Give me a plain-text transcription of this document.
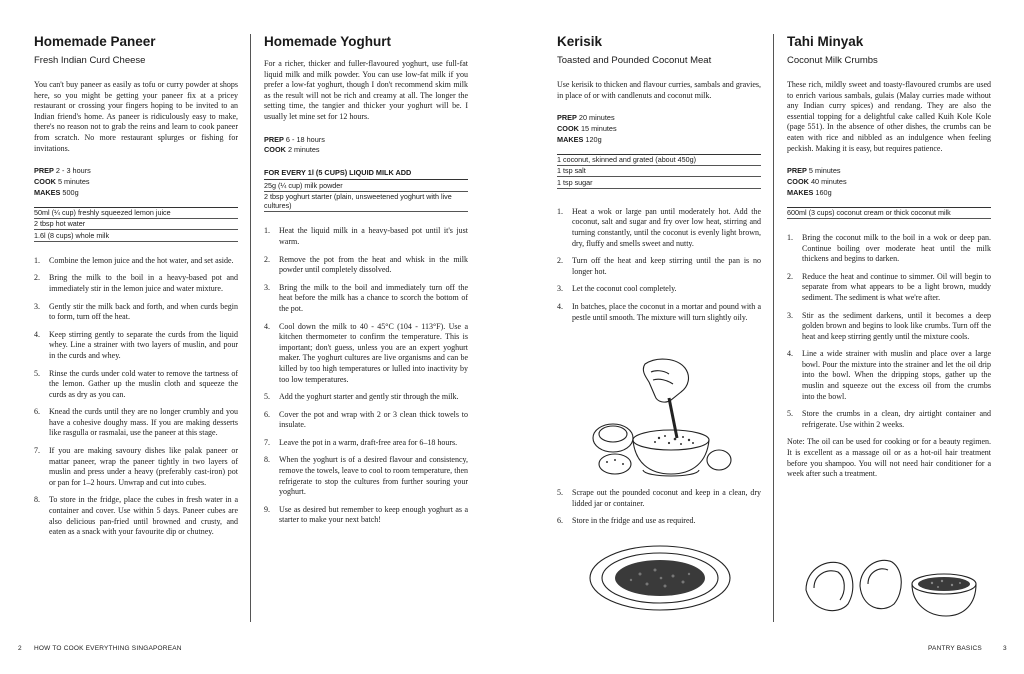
Homemade Paneer
Fresh Indian Curd Cheese

You can't buy paneer as easily as tofu or curry powder at shops here, so you might be getting your paneer fix at a pricey restaurant or crossing your fingers hoping to be invited to an Indian friend's home. As paneer is ridiculously easy to make, there's no reason not to grab the reins and learn to cook paneer from scratch. No more restaurant splurges or fishing for invitations.

PREP 2 - 3 hours
COOK 5 minutes
MAKES 500g
50ml (¼ cup) freshly squeezed lemon juice
2 tbsp hot water
1.6l (8 cups) whole milk
1. Combine the lemon juice and the hot water, and set aside.
2. Bring the milk to the boil in a heavy-based pot and immediately stir in the lemon juice and water mixture.
3. Gently stir the milk back and forth, and when curds begin to form, turn off the heat.
4. Keep stirring gently to separate the curds from the liquid whey. Line a strainer with two layers of muslin, and pour in the curds and whey.
5. Rinse the curds under cold water to remove the tartness of the lemon. Gather up the muslin cloth and squeeze the curds as dry as you can.
6. Knead the curds until they are no longer crumbly and you have a cohesive doughy mass. If you are making desserts like rasgulla or rasmalai, use the paneer at this stage.
7. If you are making savoury dishes like palak paneer or mattar paneer, wrap the paneer tightly in two layers of muslin and press under a heavy (preferably cast-iron) pot or pan for 1–2 hours. Unwrap and cut into cubes.
8. To store in the fridge, place the cubes in fresh water in a container and cover. Use within 5 days. Paneer cubes are also delicious pan-fried until browned and crusty, and eaten as a snack with your favourite dip or chutney.
Homemade Yoghurt

For a richer, thicker and fuller-flavoured yoghurt, use full-fat liquid milk and milk powder. You can use low-fat milk if you prefer a low-fat yoghurt, though I don't recommend skim milk as the result will not be rich and creamy at all. The longer the setting time, the tangier and thicker your yoghurt will be. I usually let mine set for 12 hours.

PREP 6 - 18 hours
COOK 2 minutes
FOR EVERY 1l (5 CUPS) LIQUID MILK ADD
25g (¼ cup) milk powder
2 tbsp yoghurt starter (plain, unsweetened yoghurt with live cultures)
1. Heat the liquid milk in a heavy-based pot until it's just warm.
2. Remove the pot from the heat and whisk in the milk powder until completely dissolved.
3. Bring the milk to the boil and immediately turn off the heat before the milk has a chance to scorch the bottom of the pot.
4. Cool down the milk to 40 - 45°C (104 - 113°F). Use a kitchen thermometer to confirm the temperature. This is important; don't guess, unless you are an expert yoghurt maker. The yoghurt cultures are live organisms and can be killed by too high temperatures or lulled into inactivity by too low temperatures.
5. Add the yoghurt starter and gently stir through the milk.
6. Cover the pot and wrap with 2 or 3 clean thick towels to insulate.
7. Leave the pot in a warm, draft-free area for 6–18 hours.
8. When the yoghurt is of a desired flavour and consistency, remove the towels, leave to cool to room temperature, then refrigerate to stop the cultures from further souring your yoghurt.
9. Use as desired but remember to keep enough yoghurt as a starter to make your next batch!
Kerisik
Toasted and Pounded Coconut Meat

Use kerisik to thicken and flavour curries, sambals and gravies, in place of or with candlenuts and coconut milk.

PREP 20 minutes
COOK 15 minutes
MAKES 120g
1 coconut, skinned and grated (about 450g)
1 tsp salt
1 tsp sugar
1. Heat a wok or large pan until moderately hot. Add the coconut, salt and sugar and fry over low heat, stirring and turning constantly, until the coconut is evenly light brown, dry, fluffy and smells sweet and nutty.
2. Turn off the heat and keep stirring until the pan is no longer hot.
3. Let the coconut cool completely.
4. In batches, place the coconut in a mortar and pound with a pestle until smooth. The mixture will turn slightly oily.
5. Scrape out the pounded coconut and keep in a clean, dry lidded jar or container.
6. Store in the fridge and use as required.
Tahi Minyak
Coconut Milk Crumbs

These rich, mildly sweet and toasty-flavoured crumbs are used to enrich various sambals, gulais (Malay curries made without any Indian curry spices) and rendang. They are also the essential topping for a delightful cake called Kuih Kole Kole (page 551). In the absence of other dishes, the crumbs can be eaten with rice and nibbled as an indulgence when feeling peckish. Making it is easy, but requires patience.

PREP 5 minutes
COOK 40 minutes
MAKES 160g
600ml (3 cups) coconut cream or thick coconut milk
1. Bring the coconut milk to the boil in a wok or deep pan. Continue boiling over moderate heat until the milk thickens and begins to darken.
2. Reduce the heat and continue to simmer. Oil will begin to separate from what appears to be a light brown, muddy sediment. The sediment is what we're after.
3. Stir as the sediment darkens, until it becomes a deep golden brown and begins to look like crumbs. Turn off the heat and keep stirring gently until the mixture cools.
4. Line a wide strainer with muslin and place over a large bowl. Pour the mixture into the strainer and let the oil drip into the bowl. When the dripping stops, gather up the muslin and squeeze out the excess oil from the crumbs into the bowl.
5. Store the crumbs in a clean, dry airtight container and refrigerate. Use within 2 weeks.

Note: The oil can be used for cooking or for a beauty regimen. It is excellent as a massage oil or as a hot-oil hair treatment before you shampoo. You will not need hair conditioner for a week after such a treatment.

2 HOW TO COOK EVERYTHING SINGAPOREAN	PANTRY BASICS	3
